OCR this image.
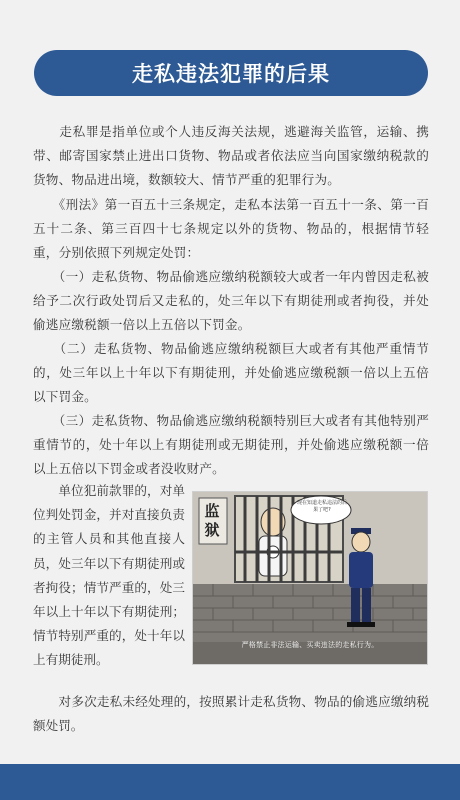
走私违法犯罪的后果

　　走私罪是指单位或个人违反海关法规，逃避海关监管，运输、携带、邮寄国家禁止进出口货物、物品或者依法应当向国家缴纳税款的货物、物品进出境，数额较大、情节严重的犯罪行为。

　　《刑法》第一百五十三条规定，走私本法第一百五十一条、第一百五十二条、第三百四十七条规定以外的货物、物品的，根据情节轻重，分别依照下列规定处罚：

　　（一）走私货物、物品偷逃应缴纳税额较大或者一年内曾因走私被给予二次行政处罚后又走私的，处三年以下有期徒刑或者拘役，并处偷逃应缴税额一倍以上五倍以下罚金。

　　（二）走私货物、物品偷逃应缴纳税额巨大或者有其他严重情节的，处三年以上十年以下有期徒刑，并处偷逃应缴税额一倍以上五倍以下罚金。

　　（三）走私货物、物品偷逃应缴纳税额特别巨大或者有其他特别严重情节的，处十年以上有期徒刑或无期徒刑，并处偷逃应缴税额一倍以上五倍以下罚金或者没收财产。

　　单位犯前款罪的，对单位判处罚金，并对直接负责的主管人员和其他直接人员，处三年以下有期徒刑或者拘役；情节严重的，处三年以上十年以下有期徒刑；情节特别严重的，处十年以上有期徒刑。

　　对多次走私未经处理的，按照累计走私货物、物品的偷逃应缴纳税额处罚。

监狱
现在知道走私违法的后果了吧?
严格禁止非法运输、买卖违法的走私行为。
